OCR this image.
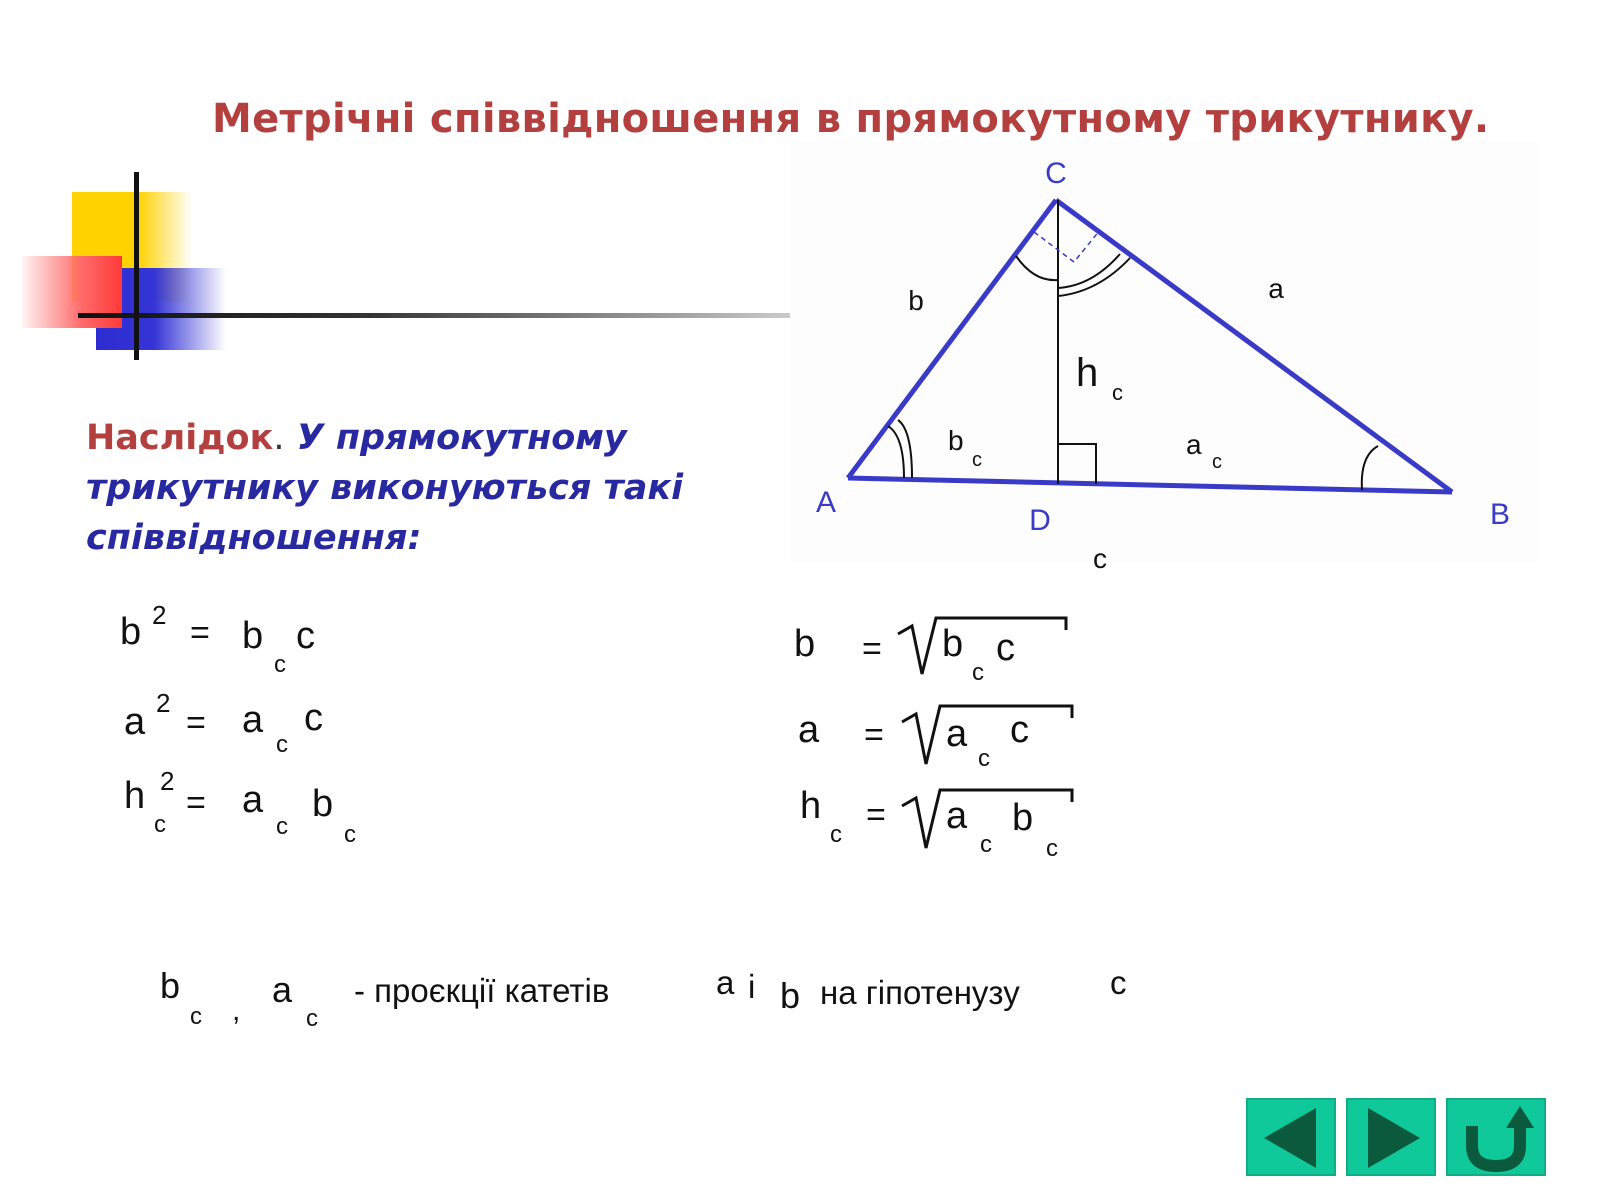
Метрічні співвідношення в прямокутному трикутнику.
C
A
D	B
b	a
c
h c
b
c	a
c
b 2 = b
c
c
a 2
= a
c
c
h
c
2
= a
c
b
c
b = b
c
c
a = a
c
c
h
c
= a
c
b
c
b
c ,
a
c
- проєкції катетів	a і b на гіпотенузу	c
Наслідок. У прямокутному трикутнику виконуються такі співвідношення:
